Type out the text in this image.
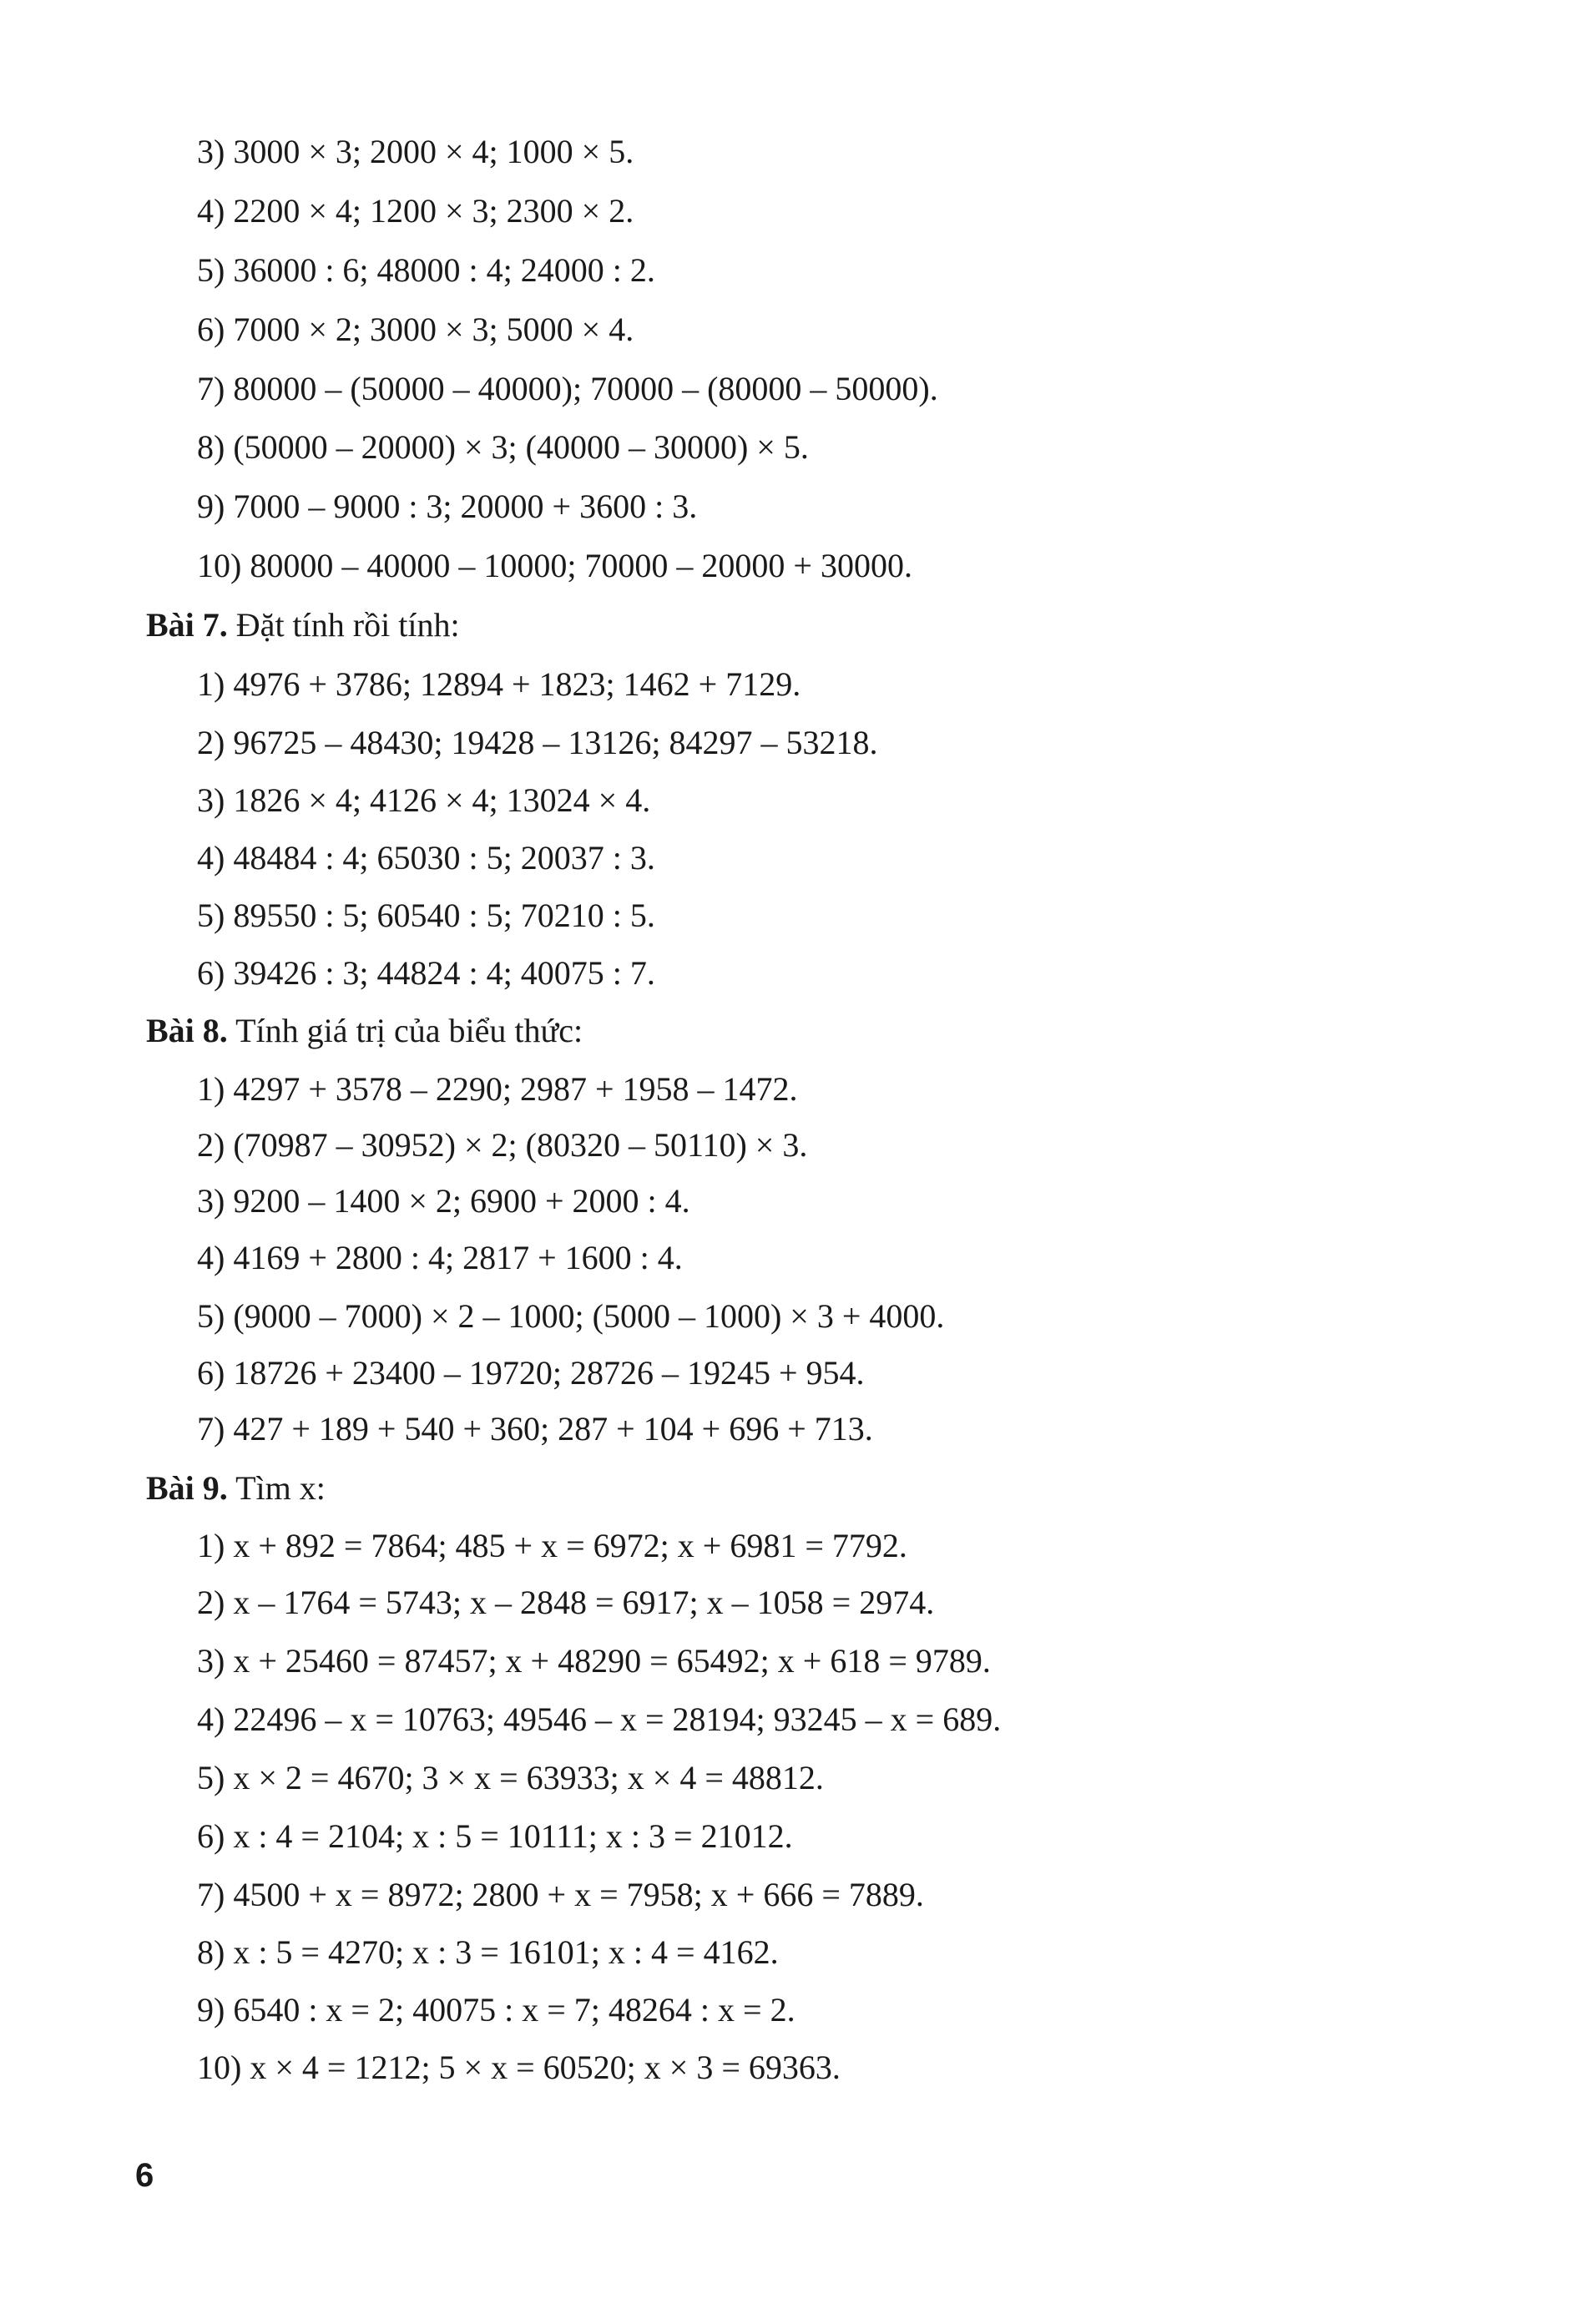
3) 3000 × 3; 2000 × 4; 1000 × 5.
4) 2200 × 4; 1200 × 3; 2300 × 2.
5) 36000 : 6; 48000 : 4; 24000 : 2.
6) 7000 × 2; 3000 × 3; 5000 × 4.
7) 80000 – (50000 – 40000); 70000 – (80000 – 50000).
8) (50000 – 20000) × 3; (40000 – 30000) × 5.
9) 7000 – 9000 : 3; 20000 + 3600 : 3.
10) 80000 – 40000 – 10000; 70000 – 20000 + 30000.
Bài 7. Đặt tính rồi tính:
1) 4976 + 3786; 12894 + 1823; 1462 + 7129.
2) 96725 – 48430; 19428 – 13126; 84297 – 53218.
3) 1826 × 4; 4126 × 4; 13024 × 4.
4) 48484 : 4; 65030 : 5; 20037 : 3.
5) 89550 : 5; 60540 : 5; 70210 : 5.
6) 39426 : 3; 44824 : 4; 40075 : 7.
Bài 8. Tính giá trị của biểu thức:
1) 4297 + 3578 – 2290; 2987 + 1958 – 1472.
2) (70987 – 30952) × 2; (80320 – 50110) × 3.
3) 9200 – 1400 × 2; 6900 + 2000 : 4.
4) 4169 + 2800 : 4; 2817 + 1600 : 4.
5) (9000 – 7000) × 2 – 1000; (5000 – 1000) × 3 + 4000.
6) 18726 + 23400 – 19720; 28726 – 19245 + 954.
7) 427 + 189 + 540 + 360; 287 + 104 + 696 + 713.
Bài 9. Tìm x:
1) x + 892 = 7864; 485 + x = 6972; x + 6981 = 7792.
2) x – 1764 = 5743; x – 2848 = 6917; x – 1058 = 2974.
3) x + 25460 = 87457; x + 48290 = 65492; x + 618 = 9789.
4) 22496 – x = 10763; 49546 – x = 28194; 93245 – x = 689.
5) x × 2 = 4670; 3 × x = 63933; x × 4 = 48812.
6) x : 4 = 2104; x : 5 = 10111; x : 3 = 21012.
7) 4500 + x = 8972; 2800 + x = 7958; x + 666 = 7889.
8) x : 5 = 4270; x : 3 = 16101; x : 4 = 4162.
9) 6540 : x = 2; 40075 : x = 7; 48264 : x = 2.
10) x × 4 = 1212; 5 × x = 60520; x × 3 = 69363.
6
